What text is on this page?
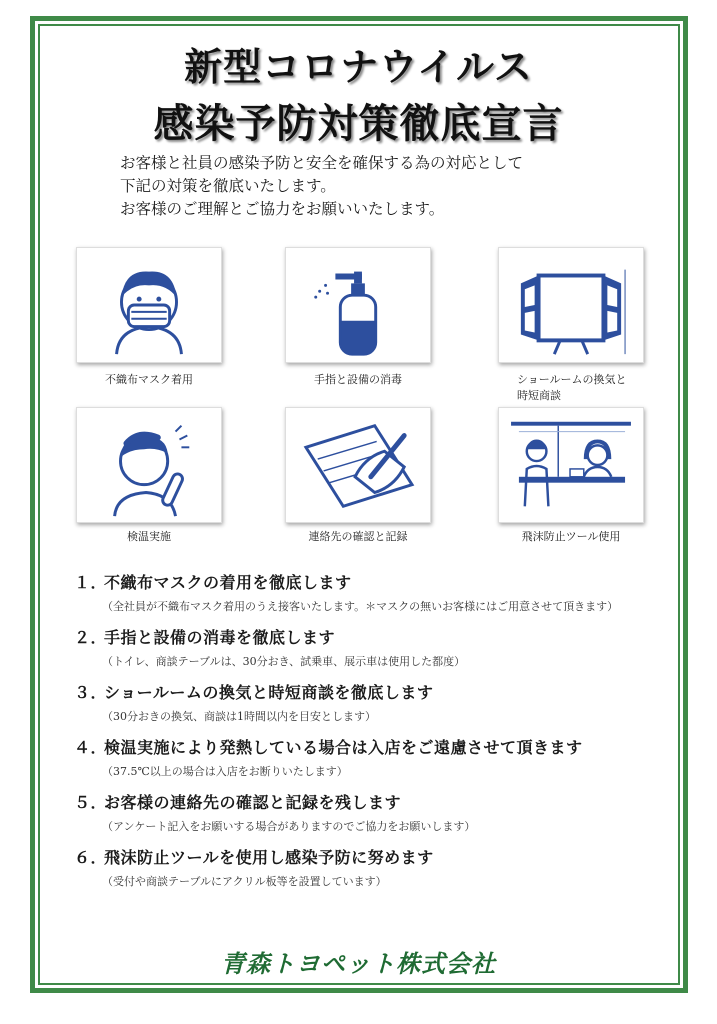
新型コロナウイルス
感染予防対策徹底宣言
お客様と社員の感染予防と安全を確保する為の対応として
下記の対策を徹底いたします。
お客様のご理解とご協力をお願いいたします。
不織布マスク着用	手指と設備の消毒	ショールームの換気と
時短商談
検温実施	連絡先の確認と記録	飛沫防止ツール使用
１．不織布マスクの着用を徹底します
（全社員が不織布マスク着用のうえ接客いたします。＊マスクの無いお客様にはご用意させて頂きます）
２．手指と設備の消毒を徹底します
（トイレ、商談テーブルは、30分おき、試乗車、展示車は使用した都度）
３．ショールームの換気と時短商談を徹底します
（30分おきの換気、商談は1時間以内を目安とします）
４．検温実施により発熱している場合は入店をご遠慮させて頂きます
（37.5℃以上の場合は入店をお断りいたします）
５．お客様の連絡先の確認と記録を残します
（アンケート記入をお願いする場合がありますのでご協力をお願いします）
６．飛沫防止ツールを使用し感染予防に努めます
（受付や商談テーブルにアクリル板等を設置しています）
青森トヨペット株式会社
